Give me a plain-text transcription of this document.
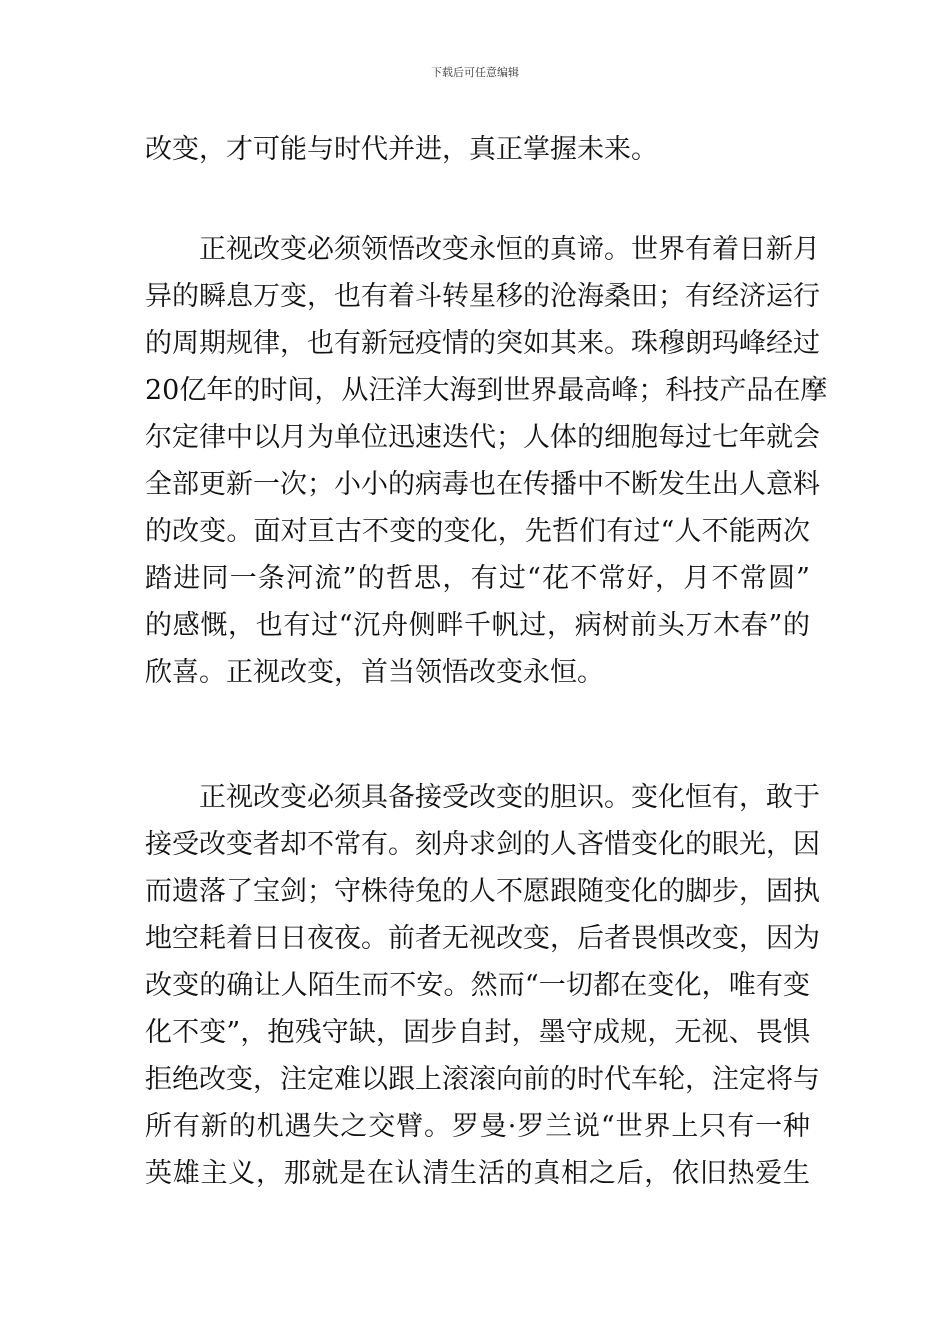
下载后可任意编辑
改变，才可能与时代并进，真正掌握未来。
正视改变必须领悟改变永恒的真谛。世界有着日新月
异的瞬息万变，也有着斗转星移的沧海桑田；有经济运行
的周期规律，也有新冠疫情的突如其来。珠穆朗玛峰经过
20亿年的时间，从汪洋大海到世界最高峰；科技产品在摩
尔定律中以月为单位迅速迭代；人体的细胞每过七年就会
全部更新一次；小小的病毒也在传播中不断发生出人意料
的改变。面对亘古不变的变化，先哲们有过“人不能两次
踏进同一条河流”的哲思，有过“花不常好，月不常圆”
的感慨，也有过“沉舟侧畔千帆过，病树前头万木春”的
欣喜。正视改变，首当领悟改变永恒。
正视改变必须具备接受改变的胆识。变化恒有，敢于
接受改变者却不常有。刻舟求剑的人吝惜变化的眼光，因
而遗落了宝剑；守株待兔的人不愿跟随变化的脚步，固执
地空耗着日日夜夜。前者无视改变，后者畏惧改变，因为
改变的确让人陌生而不安。然而“一切都在变化，唯有变
化不变”，抱残守缺，固步自封，墨守成规，无视、畏惧
拒绝改变，注定难以跟上滚滚向前的时代车轮，注定将与
所有新的机遇失之交臂。罗曼·罗兰说“世界上只有一种
英雄主义，那就是在认清生活的真相之后，依旧热爱生
